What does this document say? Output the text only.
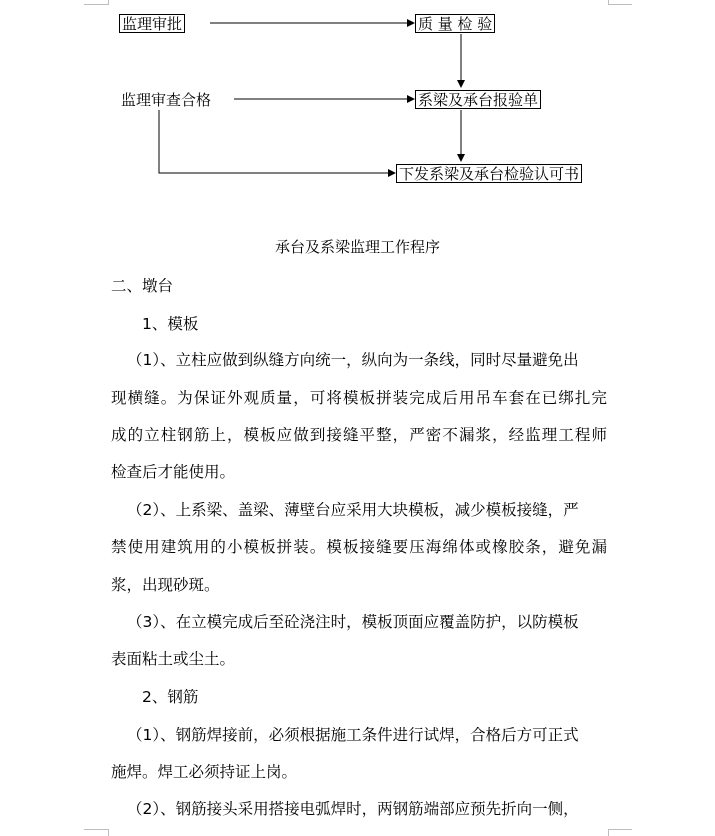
监理审批	质 量 检 验
监理审查合格	系梁及承台报验单
下发系梁及承台检验认可书
承台及系梁监理工作程序
二、墩台
1、模板
（1）、立柱应做到纵缝方向统一，纵向为一条线，同时尽量避免出
现横缝。为保证外观质量，可将模板拼装完成后用吊车套在已绑扎完
成的立柱钢筋上，模板应做到接缝平整，严密不漏浆，经监理工程师
检查后才能使用。
（2）、上系梁、盖梁、薄壁台应采用大块模板，减少模板接缝，严
禁使用建筑用的小模板拼装。模板接缝要压海绵体或橡胶条，避免漏
浆，出现砂斑。
（3）、在立模完成后至砼浇注时，模板顶面应覆盖防护，以防模板
表面粘土或尘土。
2、钢筋
（1）、钢筋焊接前，必须根据施工条件进行试焊，合格后方可正式
施焊。焊工必须持证上岗。
（2）、钢筋接头采用搭接电弧焊时，两钢筋端部应预先折向一侧，
